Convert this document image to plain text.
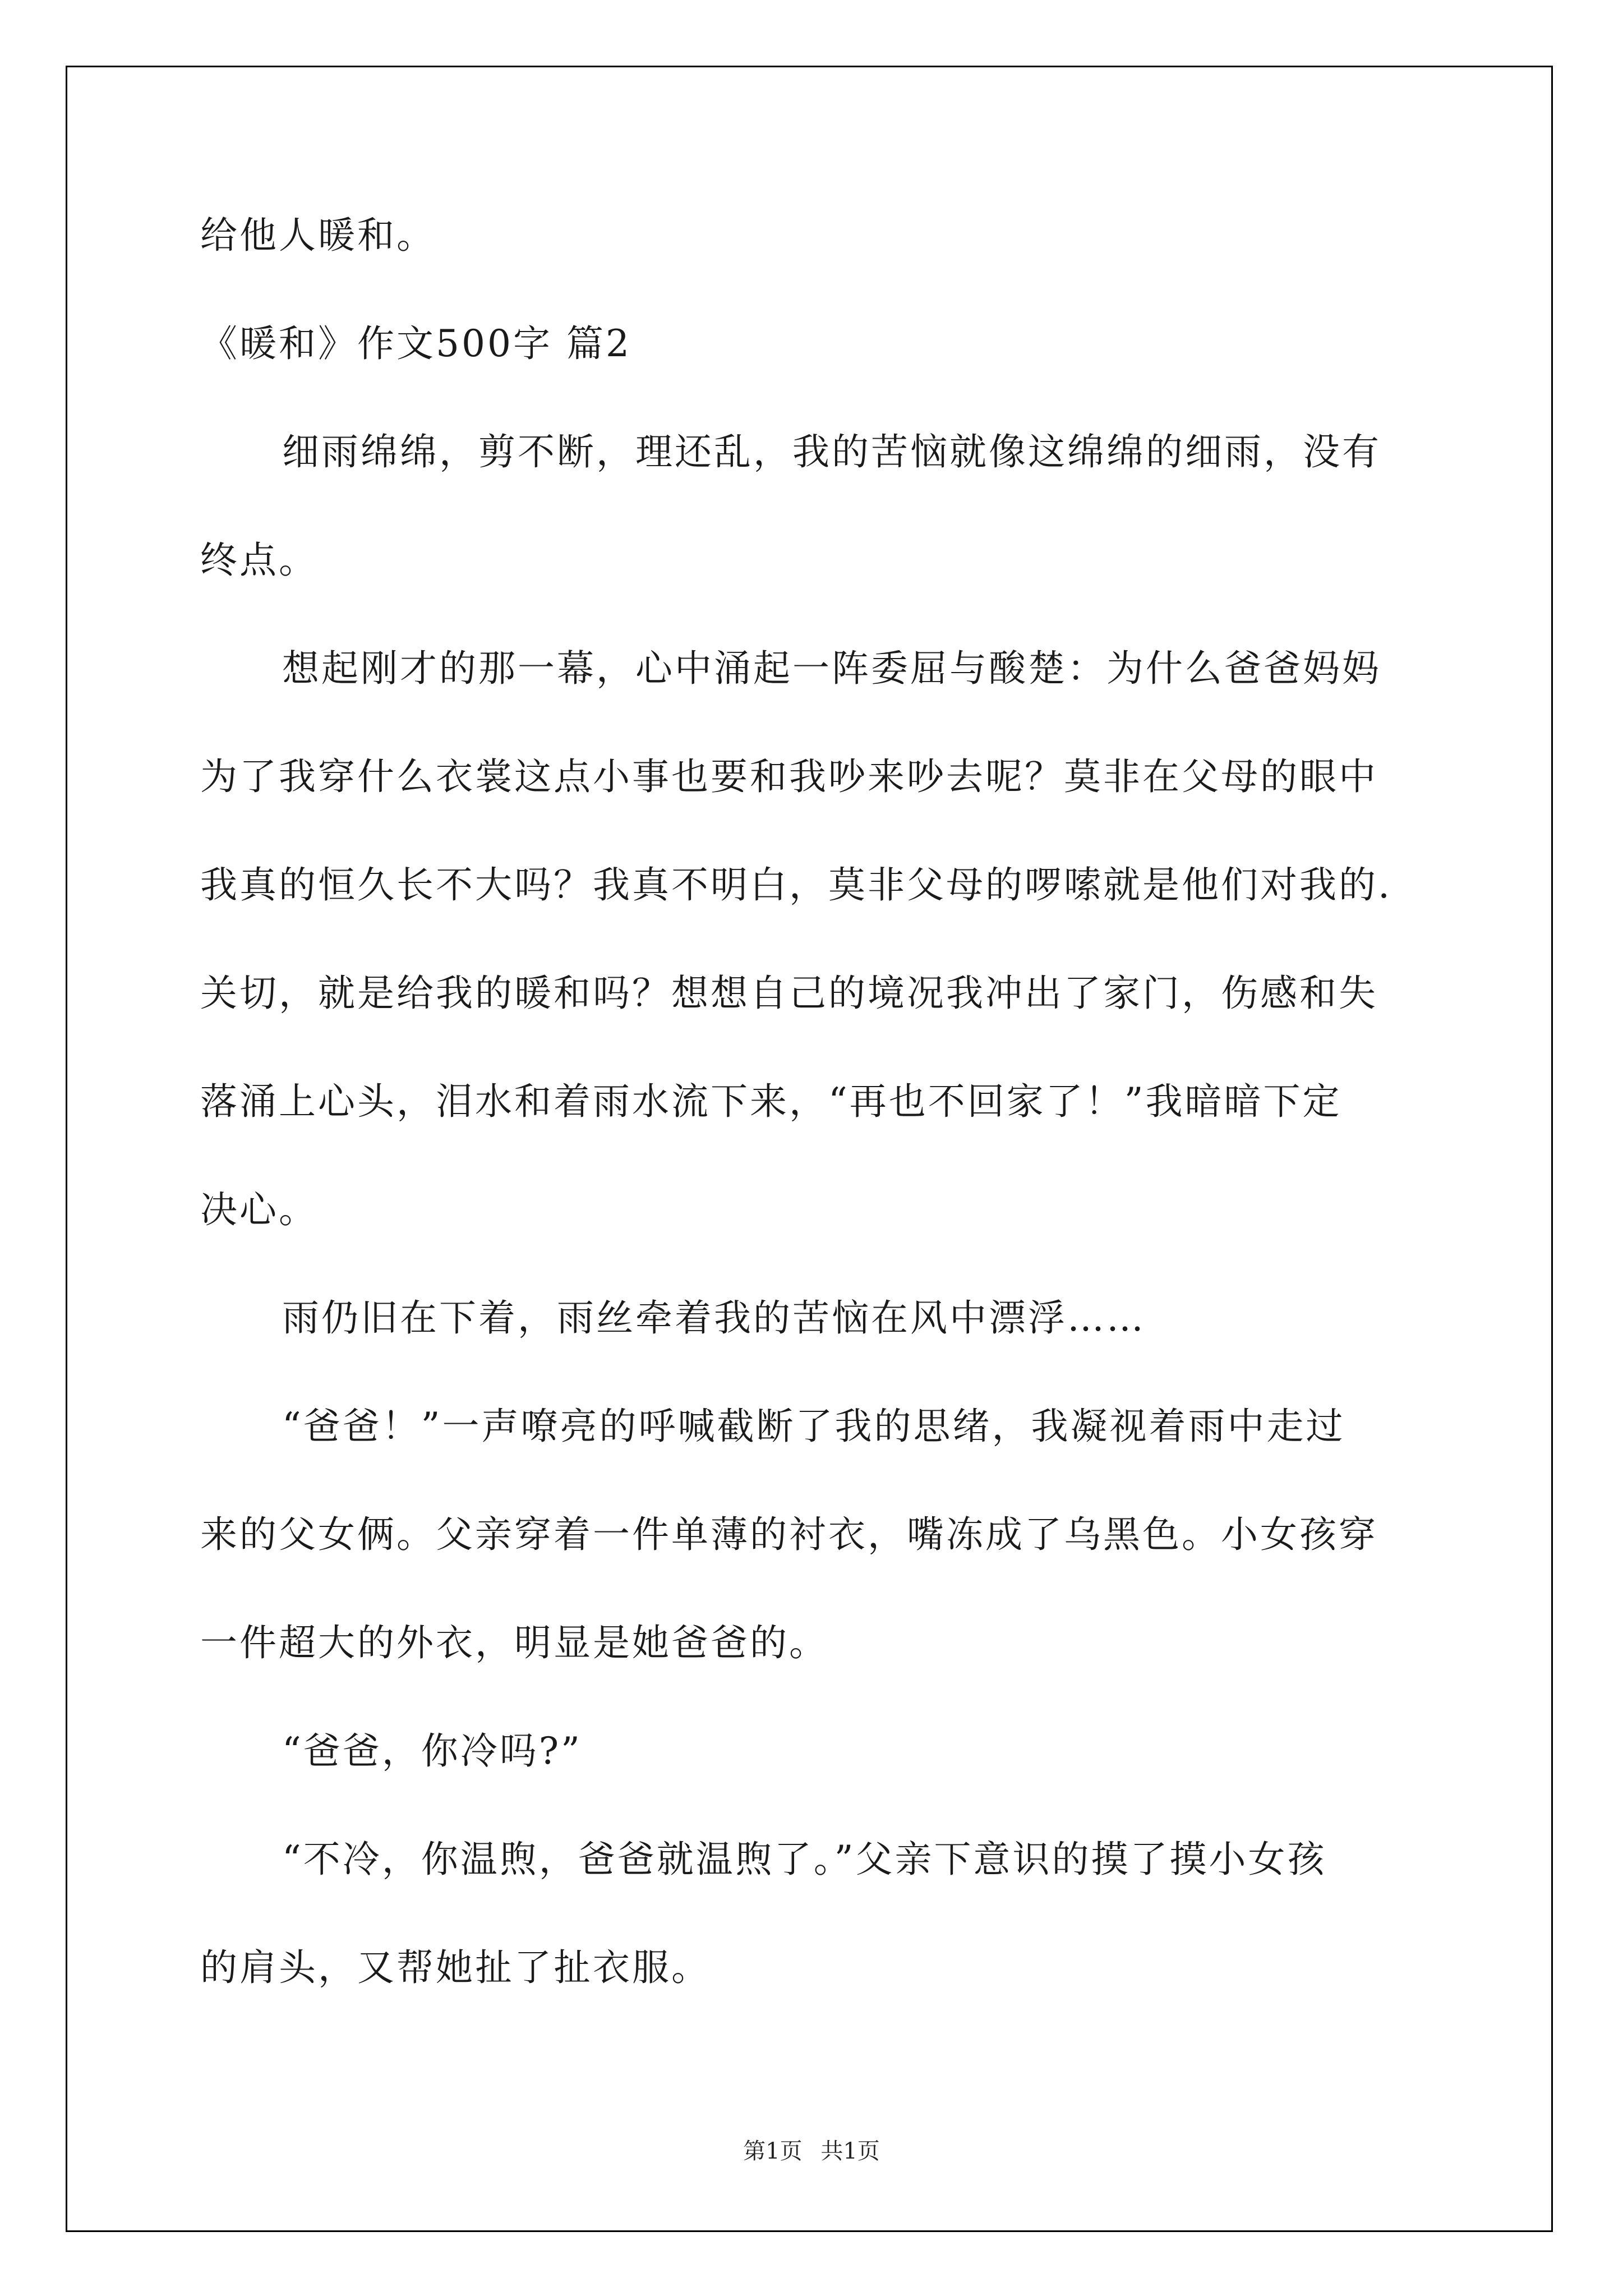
给他人暖和。
《暖和》作文500字 篇2
细雨绵绵，剪不断，理还乱，我的苦恼就像这绵绵的细雨，没有
终点。
想起刚才的那一幕，心中涌起一阵委屈与酸楚：为什么爸爸妈妈
为了我穿什么衣裳这点小事也要和我吵来吵去呢？莫非在父母的眼中
我真的恒久长不大吗？我真不明白，莫非父母的啰嗦就是他们对我的.
关切，就是给我的暖和吗？想想自己的境况我冲出了家门，伤感和失
落涌上心头，泪水和着雨水流下来，“再也不回家了！”我暗暗下定
决心。
雨仍旧在下着，雨丝牵着我的苦恼在风中漂浮……
“爸爸！”一声嘹亮的呼喊截断了我的思绪，我凝视着雨中走过
来的父女俩。父亲穿着一件单薄的衬衣，嘴冻成了乌黑色。小女孩穿
一件超大的外衣，明显是她爸爸的。
“爸爸，你冷吗?”
“不冷，你温煦，爸爸就温煦了。”父亲下意识的摸了摸小女孩
的肩头，又帮她扯了扯衣服。
第1页 共1页
